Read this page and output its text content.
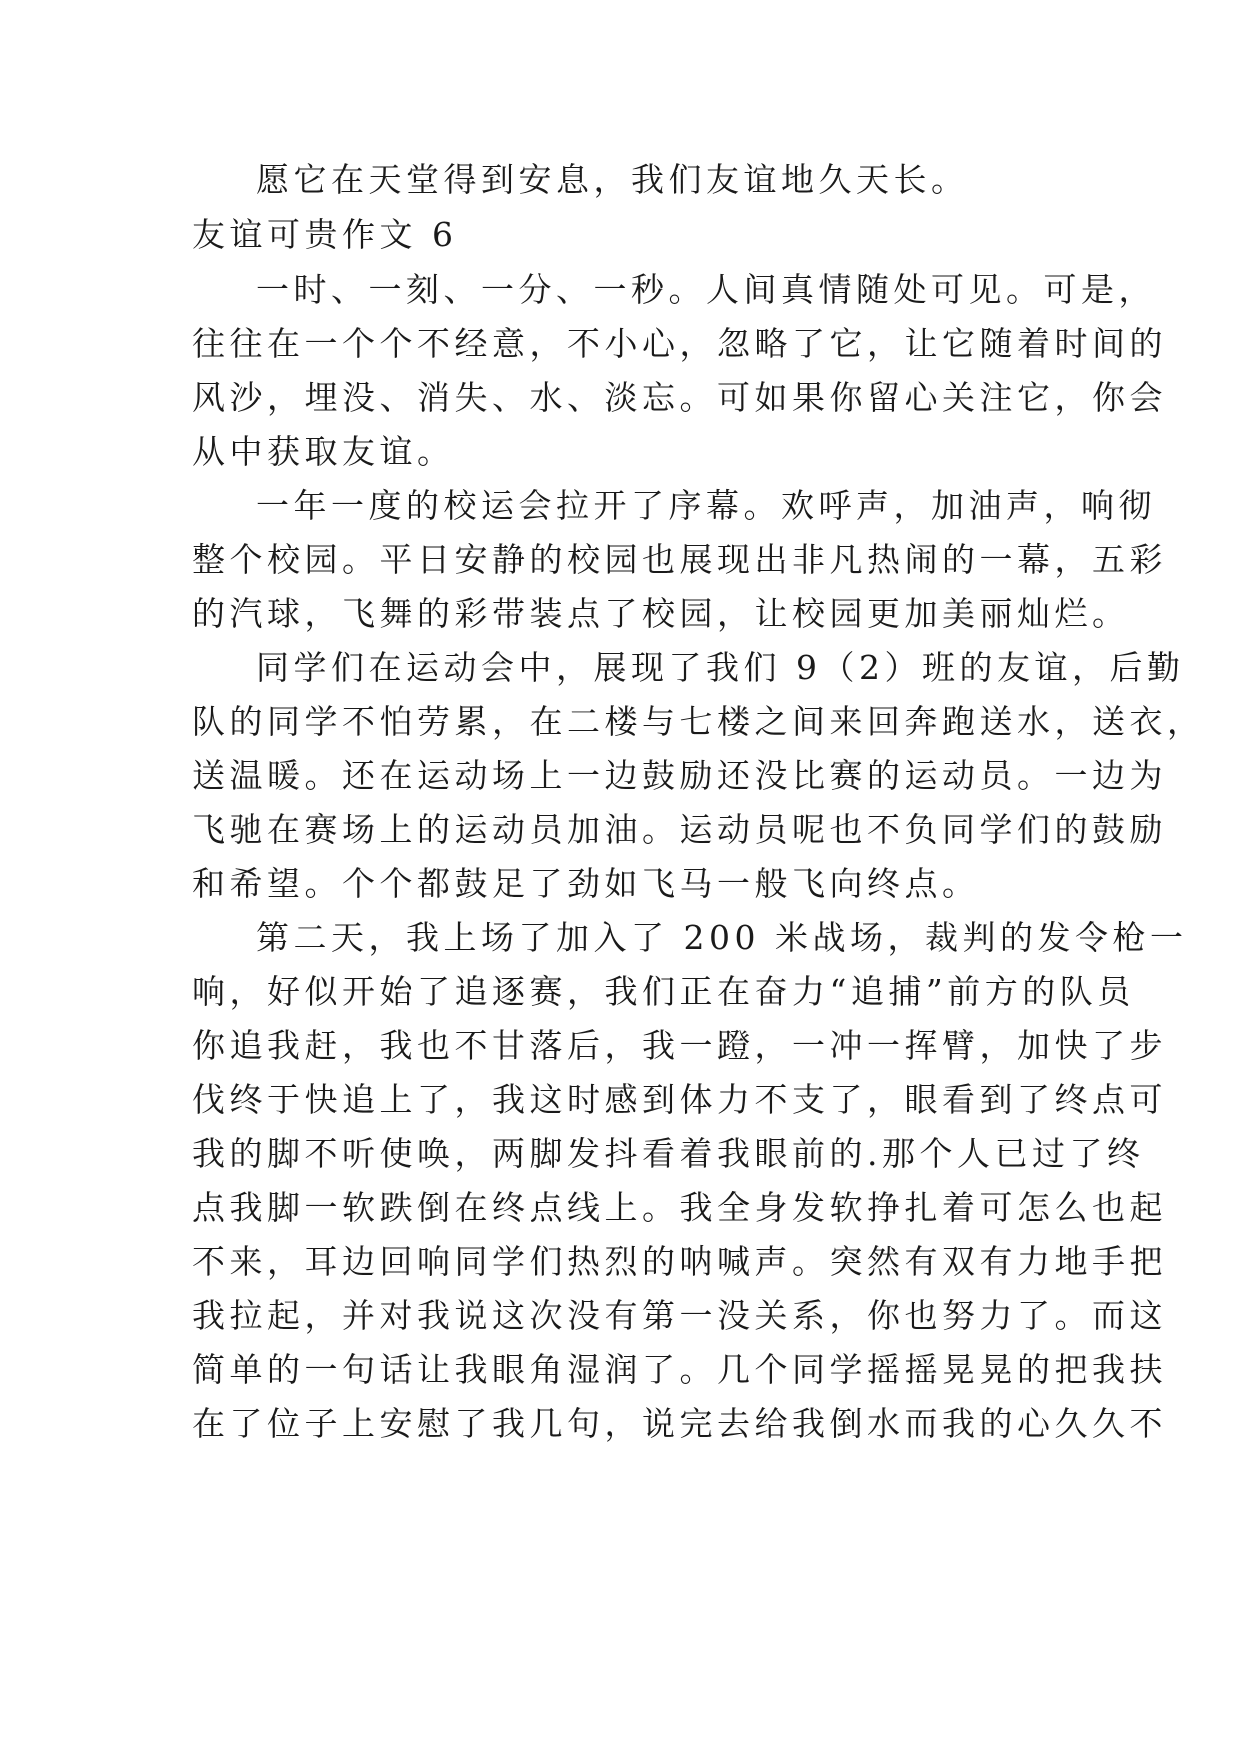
愿它在天堂得到安息，我们友谊地久天长。
友谊可贵作文 6
一时、一刻、一分、一秒。人间真情随处可见。可是，
往往在一个个不经意，不小心，忽略了它，让它随着时间的
风沙，埋没、消失、水、淡忘。可如果你留心关注它，你会
从中获取友谊。
一年一度的校运会拉开了序幕。欢呼声，加油声，响彻
整个校园。平日安静的校园也展现出非凡热闹的一幕，五彩
的汽球，飞舞的彩带装点了校园，让校园更加美丽灿烂。
同学们在运动会中，展现了我们 9（2）班的友谊，后勤
队的同学不怕劳累，在二楼与七楼之间来回奔跑送水，送衣，
送温暖。还在运动场上一边鼓励还没比赛的运动员。一边为
飞驰在赛场上的运动员加油。运动员呢也不负同学们的鼓励
和希望。个个都鼓足了劲如飞马一般飞向终点。
第二天，我上场了加入了 200 米战场，裁判的发令枪一
响，好似开始了追逐赛，我们正在奋力“追捕”前方的队员
你追我赶，我也不甘落后，我一蹬，一冲一挥臂，加快了步
伐终于快追上了，我这时感到体力不支了，眼看到了终点可
我的脚不听使唤，两脚发抖看着我眼前的.那个人已过了终
点我脚一软跌倒在终点线上。我全身发软挣扎着可怎么也起
不来，耳边回响同学们热烈的呐喊声。突然有双有力地手把
我拉起，并对我说这次没有第一没关系，你也努力了。而这
简单的一句话让我眼角湿润了。几个同学摇摇晃晃的把我扶
在了位子上安慰了我几句，说完去给我倒水而我的心久久不
